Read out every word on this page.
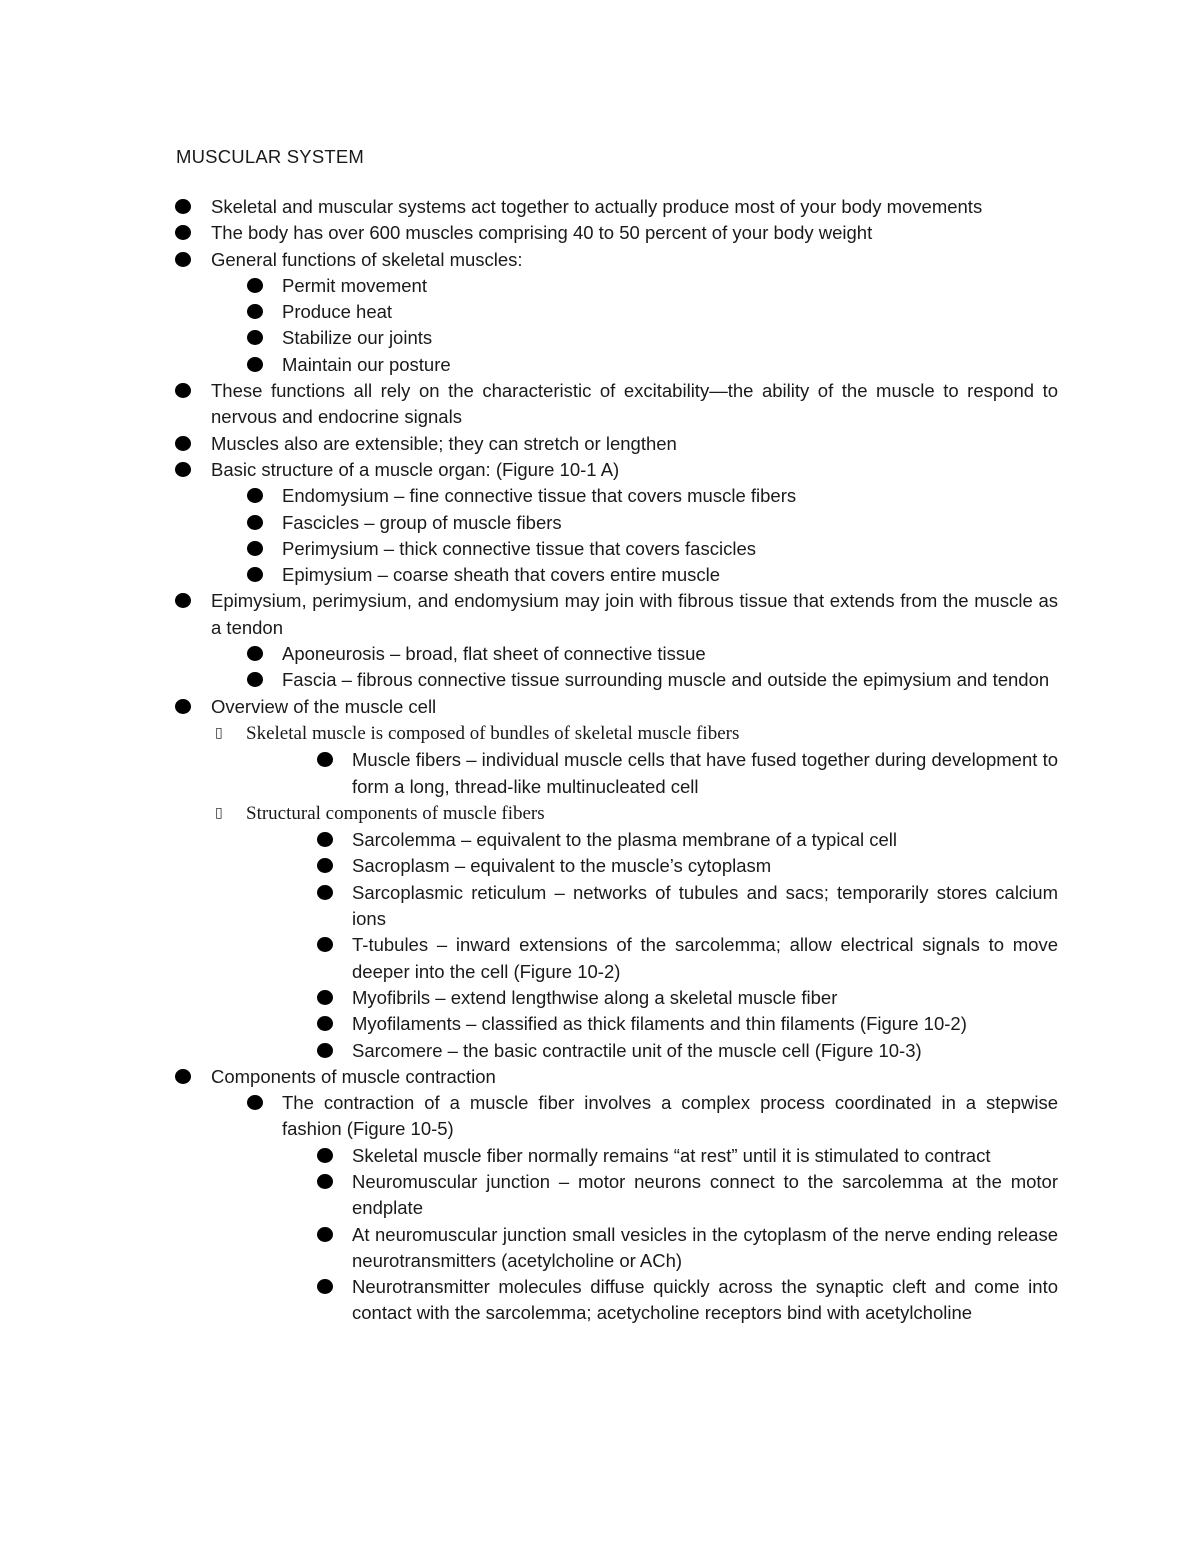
MUSCULAR SYSTEM
Skeletal and muscular systems act together to actually produce most of your body movements
The body has over 600 muscles comprising 40 to 50 percent of your body weight
General functions of skeletal muscles:
Permit movement
Produce heat
Stabilize our joints
Maintain our posture
These functions all rely on the characteristic of excitability—the ability of the muscle to respond to nervous and endocrine signals
Muscles also are extensible; they can stretch or lengthen
Basic structure of a muscle organ: (Figure 10-1 A)
Endomysium – fine connective tissue that covers muscle fibers
Fascicles – group of muscle fibers
Perimysium – thick connective tissue that covers fascicles
Epimysium – coarse sheath that covers entire muscle
Epimysium, perimysium, and endomysium may join with fibrous tissue that extends from the muscle as a tendon
Aponeurosis – broad, flat sheet of connective tissue
Fascia – fibrous connective tissue surrounding muscle and outside the epimysium and tendon
Overview of the muscle cell
▯ Skeletal muscle is composed of bundles of skeletal muscle fibers
Muscle fibers – individual muscle cells that have fused together during development to form a long, thread-like multinucleated cell
▯ Structural components of muscle fibers
Sarcolemma – equivalent to the plasma membrane of a typical cell
Sacroplasm – equivalent to the muscle’s cytoplasm
Sarcoplasmic reticulum – networks of tubules and sacs; temporarily stores calcium ions
T-tubules – inward extensions of the sarcolemma; allow electrical signals to move deeper into the cell (Figure 10-2)
Myofibrils – extend lengthwise along a skeletal muscle fiber
Myofilaments – classified as thick filaments and thin filaments (Figure 10-2)
Sarcomere – the basic contractile unit of the muscle cell (Figure 10-3)
Components of muscle contraction
The contraction of a muscle fiber involves a complex process coordinated in a stepwise fashion (Figure 10-5)
Skeletal muscle fiber normally remains “at rest” until it is stimulated to contract
Neuromuscular junction – motor neurons connect to the sarcolemma at the motor endplate
At neuromuscular junction small vesicles in the cytoplasm of the nerve ending release neurotransmitters (acetylcholine or ACh)
Neurotransmitter molecules diffuse quickly across the synaptic cleft and come into contact with the sarcolemma; acetycholine receptors bind with acetylcholine
